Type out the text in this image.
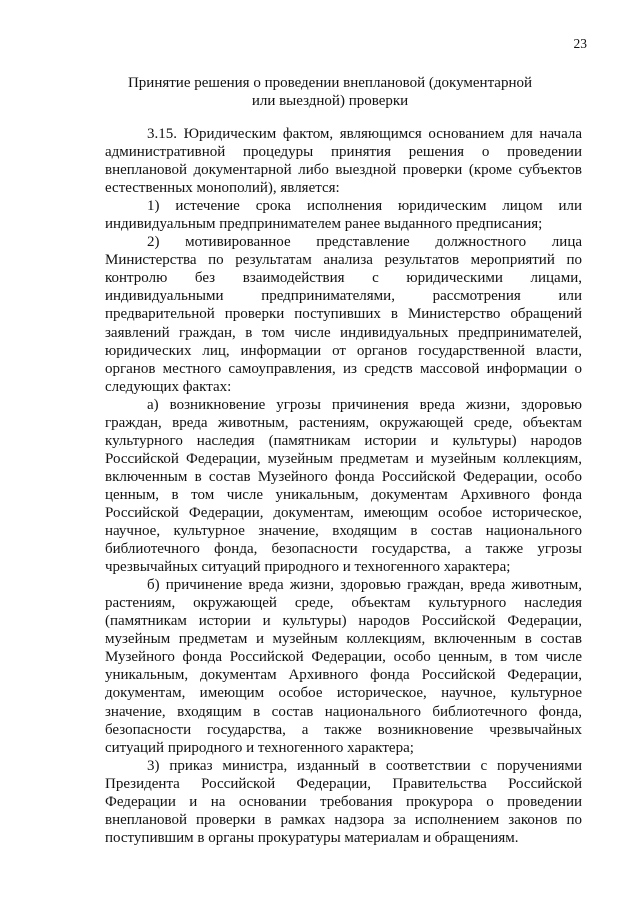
23
Принятие решения о проведении внеплановой (документарной
или выездной) проверки

3.15. Юридическим фактом, являющимся основанием для начала административной процедуры принятия решения о проведении внеплановой документарной либо выездной проверки (кроме субъектов естественных монополий), является:

1) истечение срока исполнения юридическим лицом или индивидуальным предпринимателем ранее выданного предписания;

2) мотивированное представление должностного лица Министерства по результатам анализа результатов мероприятий по контролю без взаимодействия с юридическими лицами, индивидуальными предпринимателями, рассмотрения или предварительной проверки поступивших в Министерство обращений заявлений граждан, в том числе индивидуальных предпринимателей, юридических лиц, информации от органов государственной власти, органов местного самоуправления, из средств массовой информации о следующих фактах:

а) возникновение угрозы причинения вреда жизни, здоровью граждан, вреда животным, растениям, окружающей среде, объектам культурного наследия (памятникам истории и культуры) народов Российской Федерации, музейным предметам и музейным коллекциям, включенным в состав Музейного фонда Российской Федерации, особо ценным, в том числе уникальным, документам Архивного фонда Российской Федерации, документам, имеющим особое историческое, научное, культурное значение, входящим в состав национального библиотечного фонда, безопасности государства, а также угрозы чрезвычайных ситуаций природного и техногенного характера;

б) причинение вреда жизни, здоровью граждан, вреда животным, растениям, окружающей среде, объектам культурного наследия (памятникам истории и культуры) народов Российской Федерации, музейным предметам и музейным коллекциям, включенным в состав Музейного фонда Российской Федерации, особо ценным, в том числе уникальным, документам Архивного фонда Российской Федерации, документам, имеющим особое историческое, научное, культурное значение, входящим в состав национального библиотечного фонда, безопасности государства, а также возникновение чрезвычайных ситуаций природного и техногенного характера;

3) приказ министра, изданный в соответствии с поручениями Президента Российской Федерации, Правительства Российской Федерации и на основании требования прокурора о проведении внеплановой проверки в рамках надзора за исполнением законов по поступившим в органы прокуратуры материалам и обращениям.
